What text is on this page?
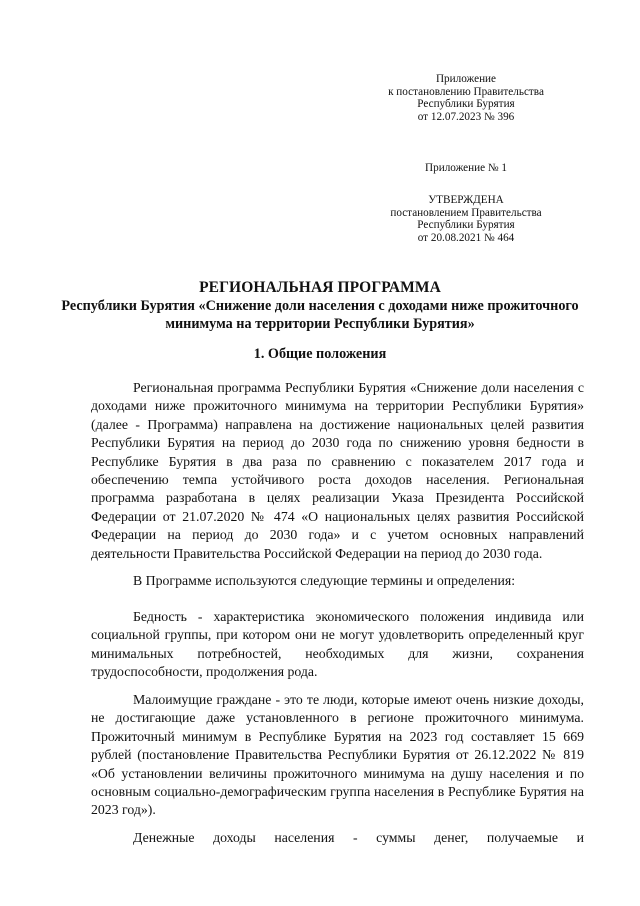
Приложение
к постановлению Правительства
Республики Бурятия
от 12.07.2023 № 396
Приложение № 1
УТВЕРЖДЕНА
постановлением Правительства
Республики Бурятия
от 20.08.2021 № 464
РЕГИОНАЛЬНАЯ ПРОГРАММА
Республики Бурятия «Снижение доли населения с доходами ниже прожиточного минимума на территории Республики Бурятия»
1. Общие положения

Региональная программа Республики Бурятия «Снижение доли населения с доходами ниже прожиточного минимума на территории Республики Бурятия» (далее - Программа) направлена на достижение национальных целей развития Республики Бурятия на период до 2030 года по снижению уровня бедности в Республике Бурятия в два раза по сравнению с показателем 2017 года и обеспечению темпа устойчивого роста доходов населения. Региональная программа разработана в целях реализации Указа Президента Российской Федерации от 21.07.2020 № 474 «О национальных целях развития Российской Федерации на период до 2030 года» и с учетом основных направлений деятельности Правительства Российской Федерации на период до 2030 года.

В Программе используются следующие термины и определения:

Бедность - характеристика экономического положения индивида или социальной группы, при котором они не могут удовлетворить определенный круг минимальных потребностей, необходимых для жизни, сохранения трудоспособности, продолжения рода.

Малоимущие граждане - это те люди, которые имеют очень низкие доходы, не достигающие даже установленного в регионе прожиточного минимума. Прожиточный минимум в Республике Бурятия на 2023 год составляет 15 669 рублей (постановление Правительства Республики Бурятия от 26.12.2022 № 819 «Об установлении величины прожиточного минимума на душу населения и по основным социально-демографическим группа населения в Республике Бурятия на 2023 год»).

Денежные доходы населения - суммы денег, получаемые и
